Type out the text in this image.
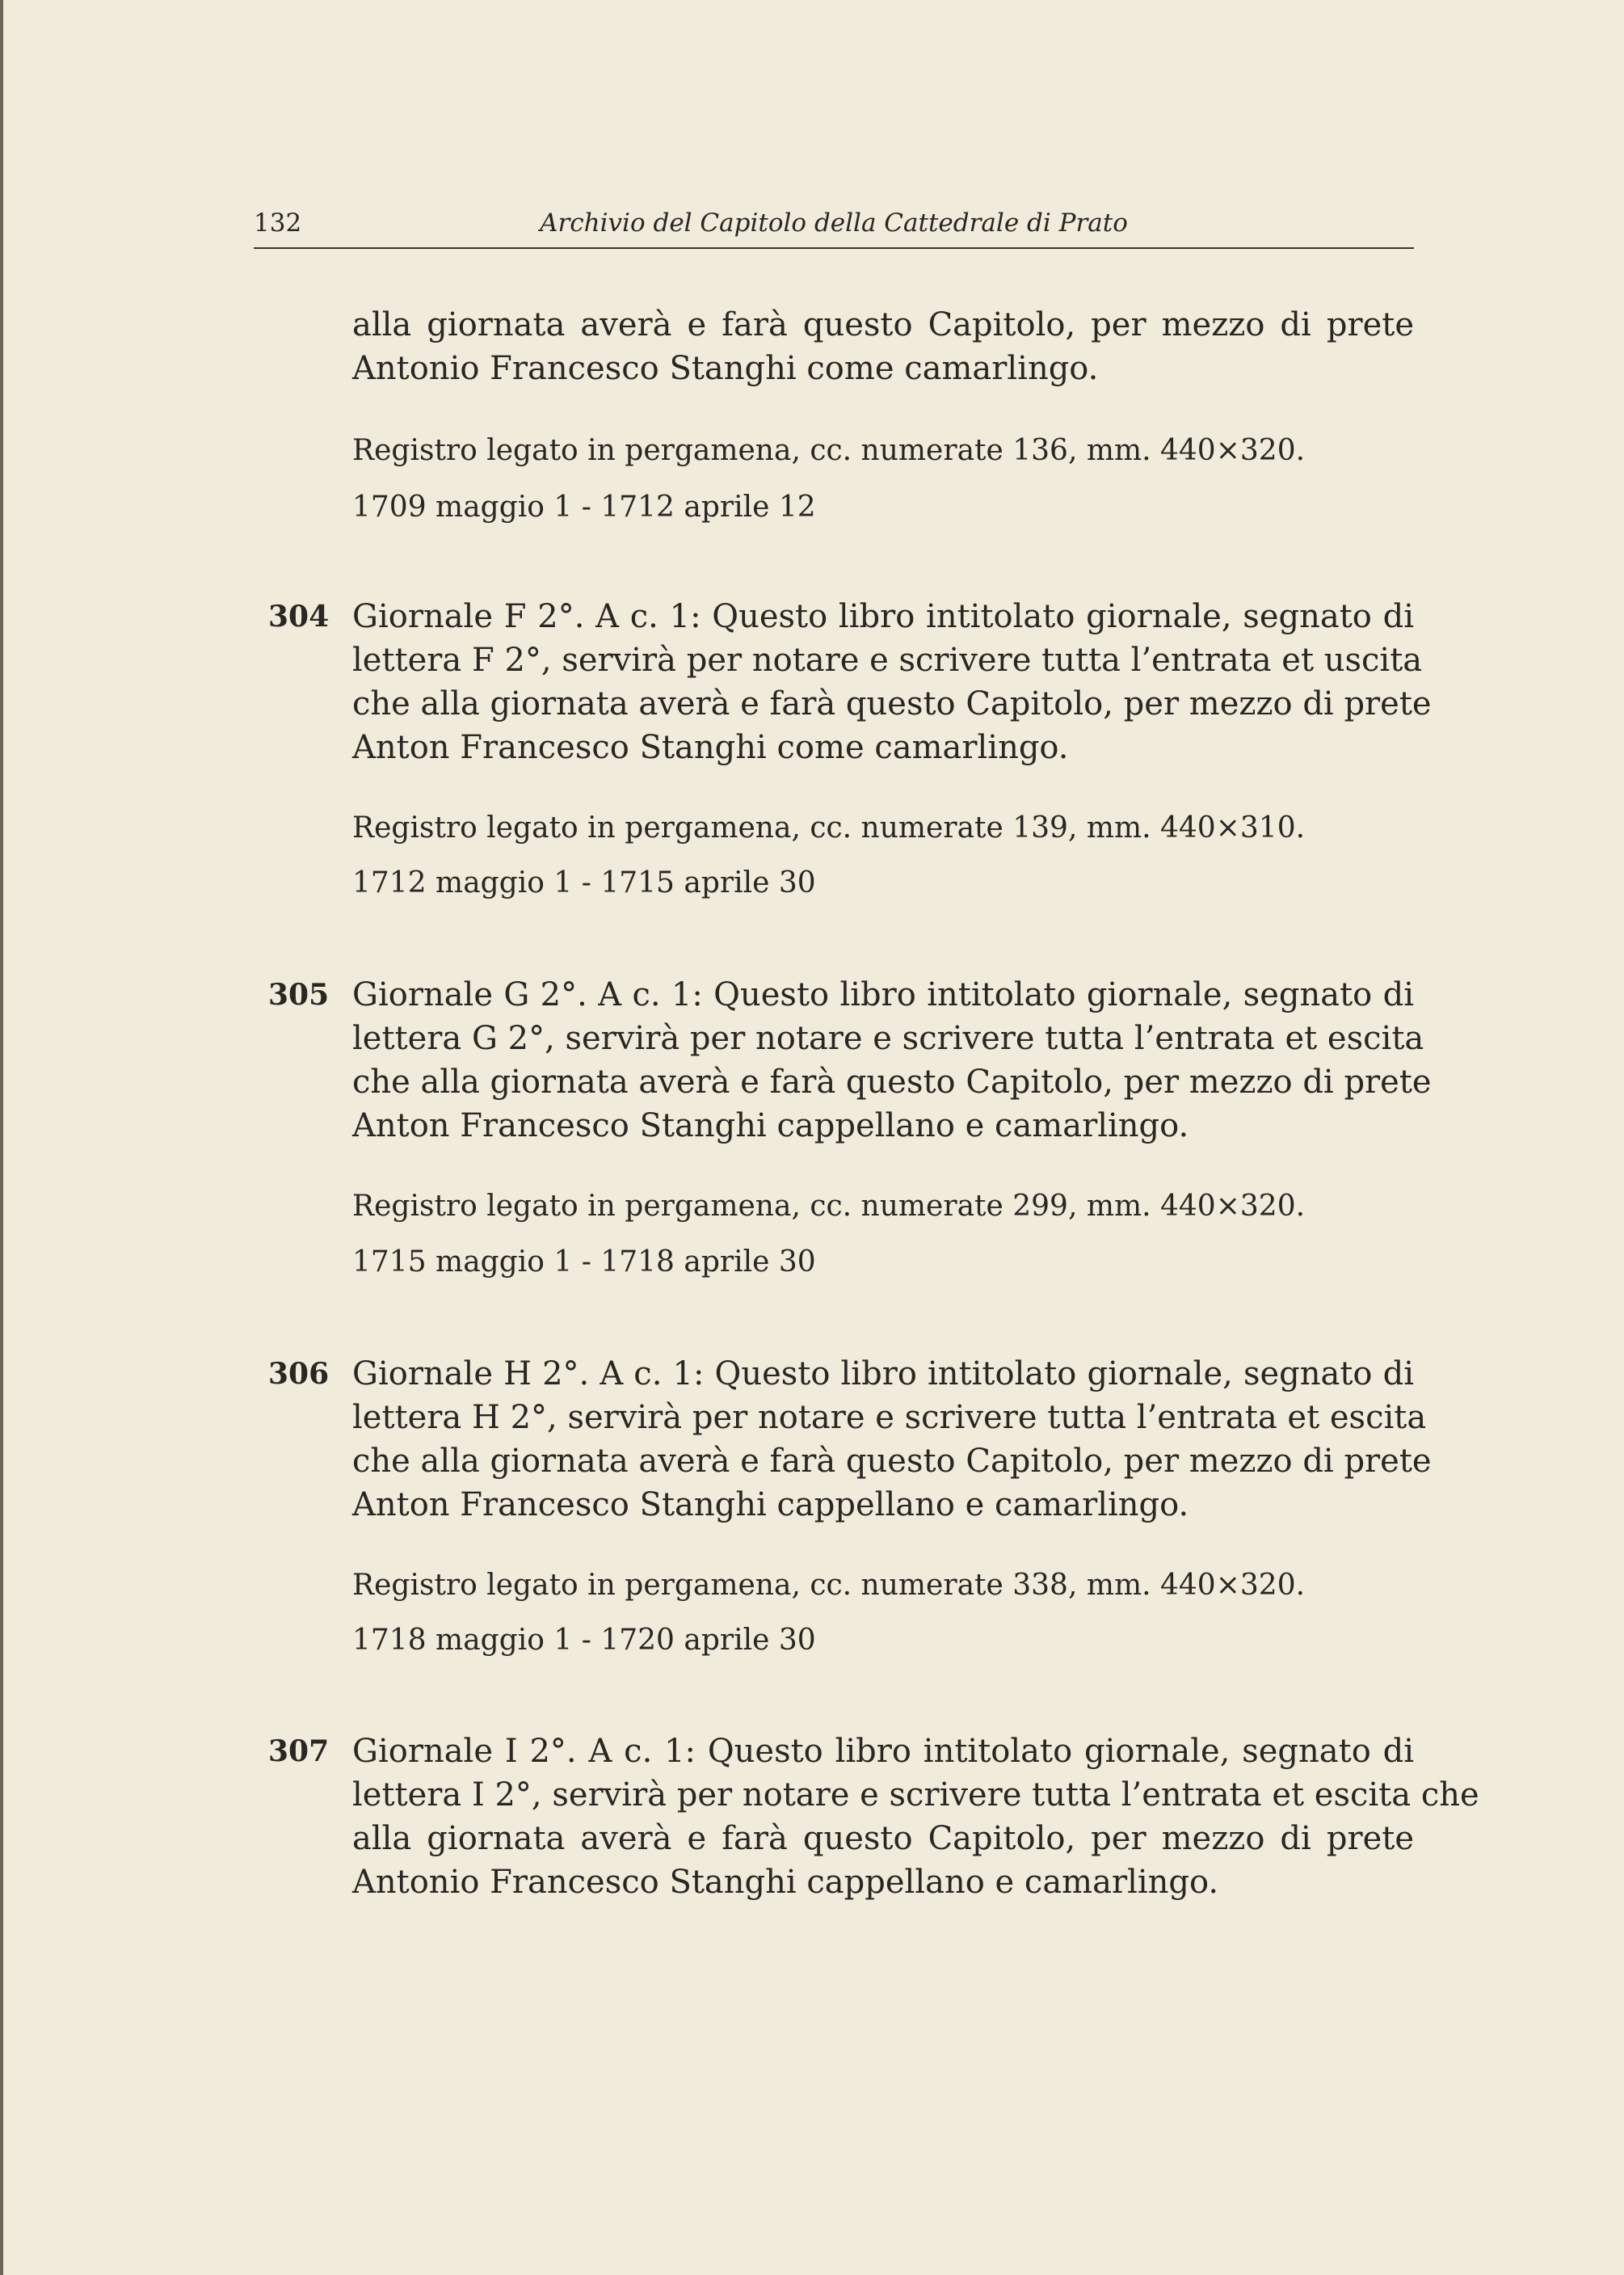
132	Archivio del Capitolo della Cattedrale di Prato
alla giornata averà e farà questo Capitolo, per mezzo di prete
Antonio Francesco Stanghi come camarlingo.
Registro legato in pergamena, cc. numerate 136, mm. 440×320.
1709 maggio 1 - 1712 aprile 12
304 Giornale F 2°. A c. 1: Questo libro intitolato giornale, segnato di
lettera F 2°, servirà per notare e scrivere tutta l’entrata et uscita
che alla giornata averà e farà questo Capitolo, per mezzo di prete
Anton Francesco Stanghi come camarlingo.
Registro legato in pergamena, cc. numerate 139, mm. 440×310.
1712 maggio 1 - 1715 aprile 30
305 Giornale G 2°. A c. 1: Questo libro intitolato giornale, segnato di
lettera G 2°, servirà per notare e scrivere tutta l’entrata et escita
che alla giornata averà e farà questo Capitolo, per mezzo di prete
Anton Francesco Stanghi cappellano e camarlingo.
Registro legato in pergamena, cc. numerate 299, mm. 440×320.
1715 maggio 1 - 1718 aprile 30
306 Giornale H 2°. A c. 1: Questo libro intitolato giornale, segnato di
lettera H 2°, servirà per notare e scrivere tutta l’entrata et escita
che alla giornata averà e farà questo Capitolo, per mezzo di prete
Anton Francesco Stanghi cappellano e camarlingo.
Registro legato in pergamena, cc. numerate 338, mm. 440×320.
1718 maggio 1 - 1720 aprile 30
307 Giornale I 2°. A c. 1: Questo libro intitolato giornale, segnato di
lettera I 2°, servirà per notare e scrivere tutta l’entrata et escita che
alla giornata averà e farà questo Capitolo, per mezzo di prete
Antonio Francesco Stanghi cappellano e camarlingo.
